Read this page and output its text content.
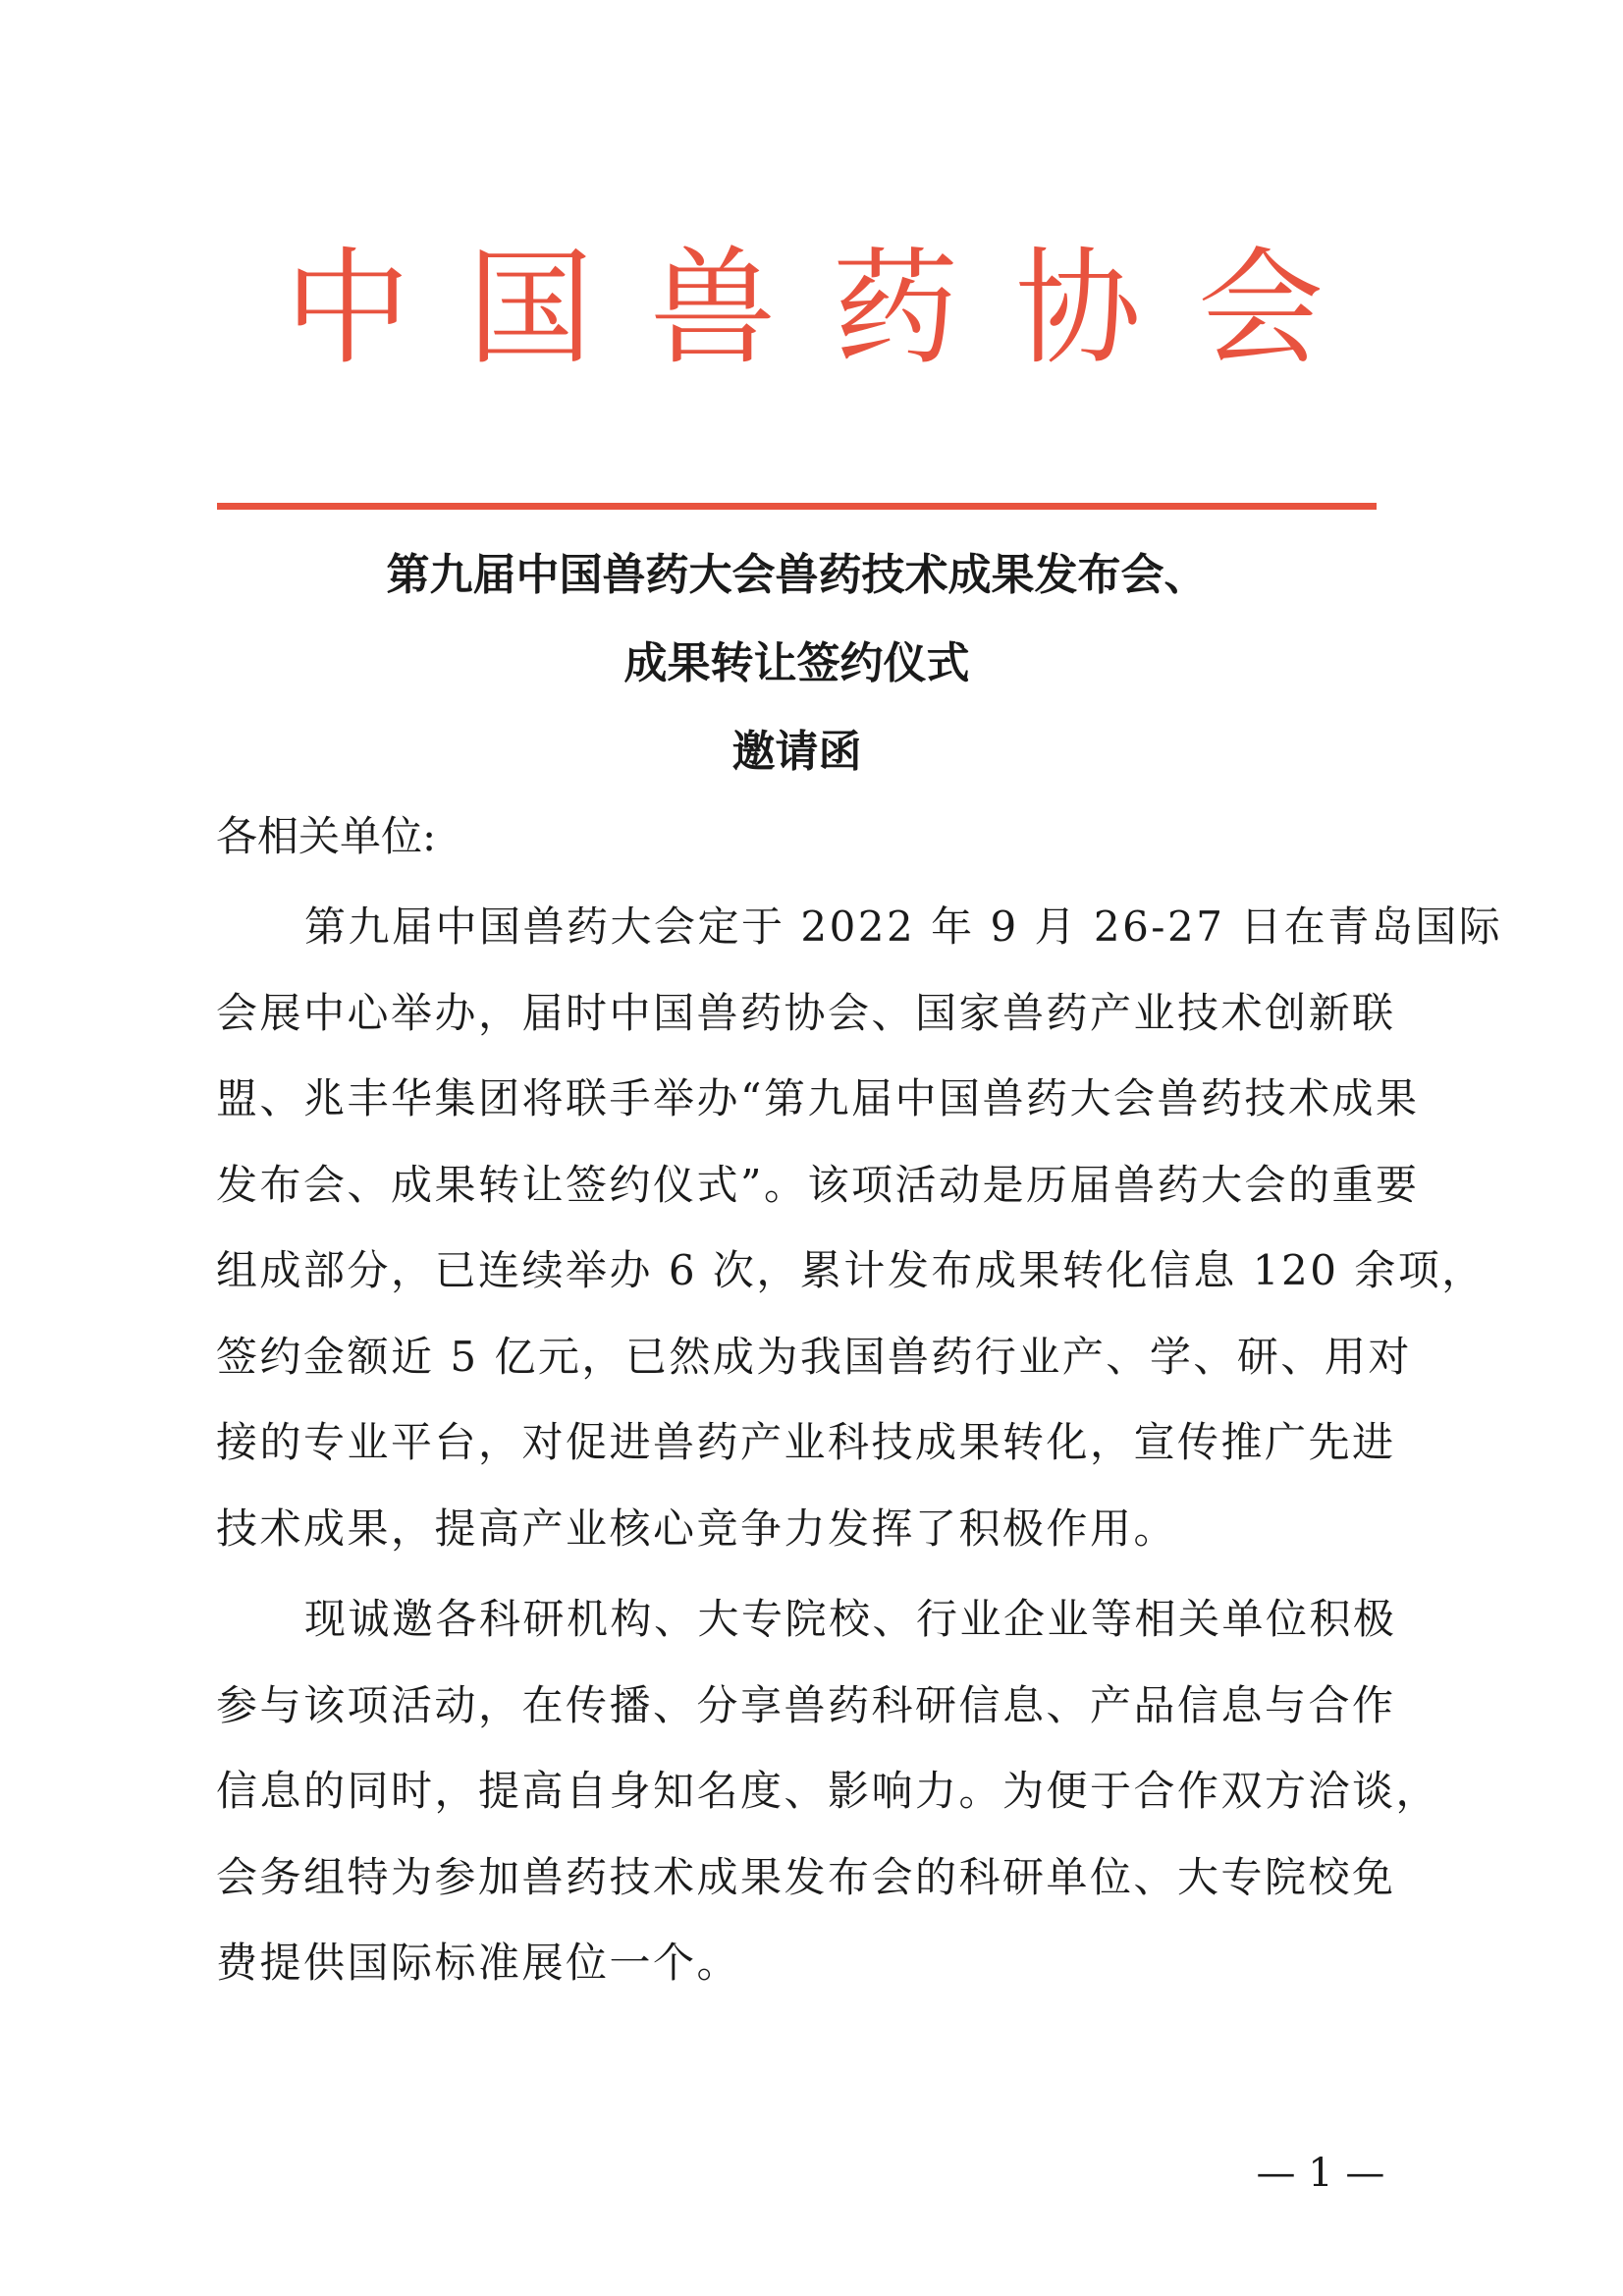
中国兽药协会
第九届中国兽药大会兽药技术成果发布会、
成果转让签约仪式
邀请函
各相关单位:
第九届中国兽药大会定于 2022 年 9 月 26-27 日在青岛国际
会展中心举办，届时中国兽药协会、国家兽药产业技术创新联
盟、兆丰华集团将联手举办“第九届中国兽药大会兽药技术成果
发布会、成果转让签约仪式”。该项活动是历届兽药大会的重要
组成部分，已连续举办 6 次，累计发布成果转化信息 120 余项，
签约金额近 5 亿元，已然成为我国兽药行业产、学、研、用对
接的专业平台，对促进兽药产业科技成果转化，宣传推广先进
技术成果，提高产业核心竞争力发挥了积极作用。
现诚邀各科研机构、大专院校、行业企业等相关单位积极
参与该项活动，在传播、分享兽药科研信息、产品信息与合作
信息的同时，提高自身知名度、影响力。为便于合作双方洽谈，
会务组特为参加兽药技术成果发布会的科研单位、大专院校免
费提供国际标准展位一个。
— 1 —
